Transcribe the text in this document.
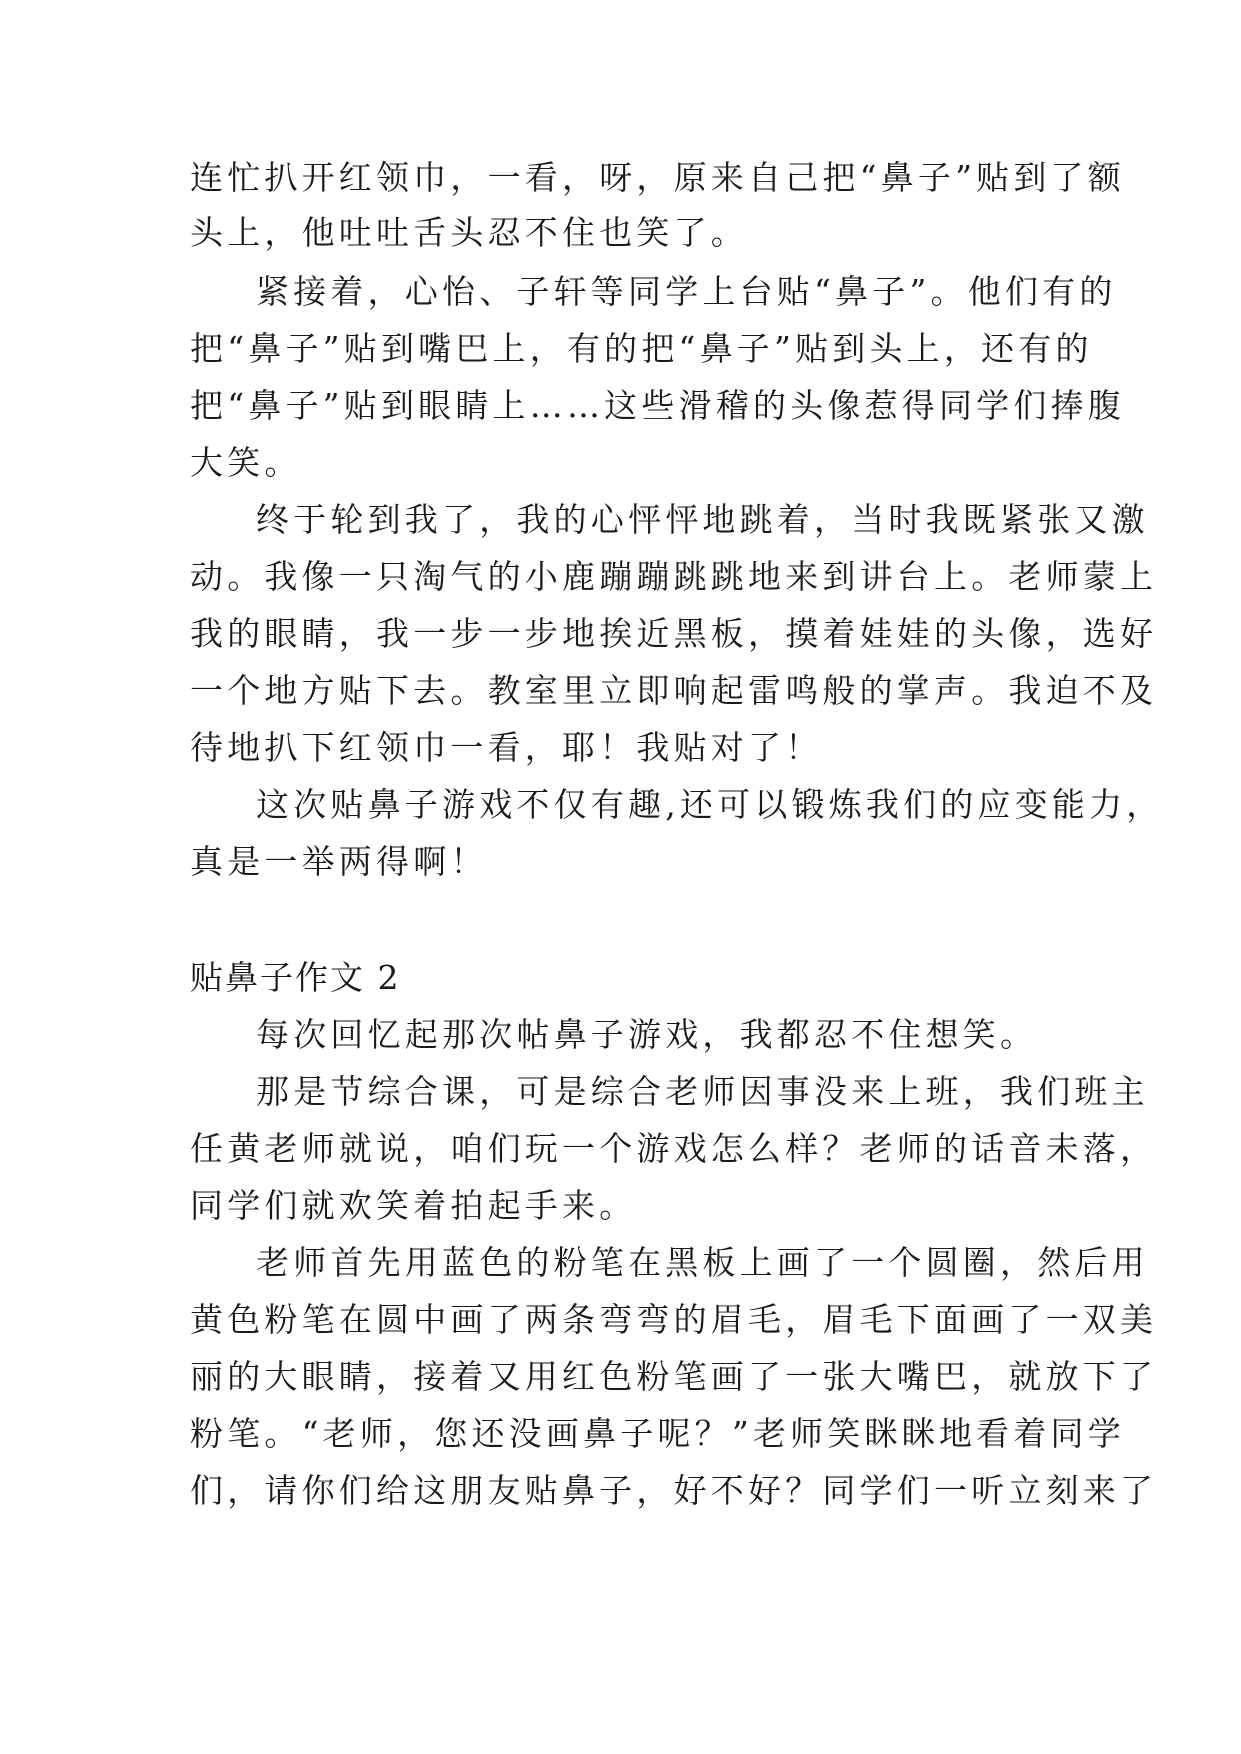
连忙扒开红领巾，一看，呀，原来自己把“鼻子”贴到了额
头上，他吐吐舌头忍不住也笑了。
紧接着，心怡、子轩等同学上台贴“鼻子”。他们有的
把“鼻子”贴到嘴巴上，有的把“鼻子”贴到头上，还有的
把“鼻子”贴到眼睛上……这些滑稽的头像惹得同学们捧腹
大笑。
终于轮到我了，我的心怦怦地跳着，当时我既紧张又激
动。我像一只淘气的小鹿蹦蹦跳跳地来到讲台上。老师蒙上
我的眼睛，我一步一步地挨近黑板，摸着娃娃的头像，选好
一个地方贴下去。教室里立即响起雷鸣般的掌声。我迫不及
待地扒下红领巾一看，耶！我贴对了！
这次贴鼻子游戏不仅有趣,还可以锻炼我们的应变能力，
真是一举两得啊！
贴鼻子作文 2
每次回忆起那次帖鼻子游戏，我都忍不住想笑。
那是节综合课，可是综合老师因事没来上班，我们班主
任黄老师就说，咱们玩一个游戏怎么样？老师的话音未落，
同学们就欢笑着拍起手来。
老师首先用蓝色的粉笔在黑板上画了一个圆圈，然后用
黄色粉笔在圆中画了两条弯弯的眉毛，眉毛下面画了一双美
丽的大眼睛，接着又用红色粉笔画了一张大嘴巴，就放下了
粉笔。“老师，您还没画鼻子呢？”老师笑眯眯地看着同学
们，请你们给这朋友贴鼻子，好不好？同学们一听立刻来了
